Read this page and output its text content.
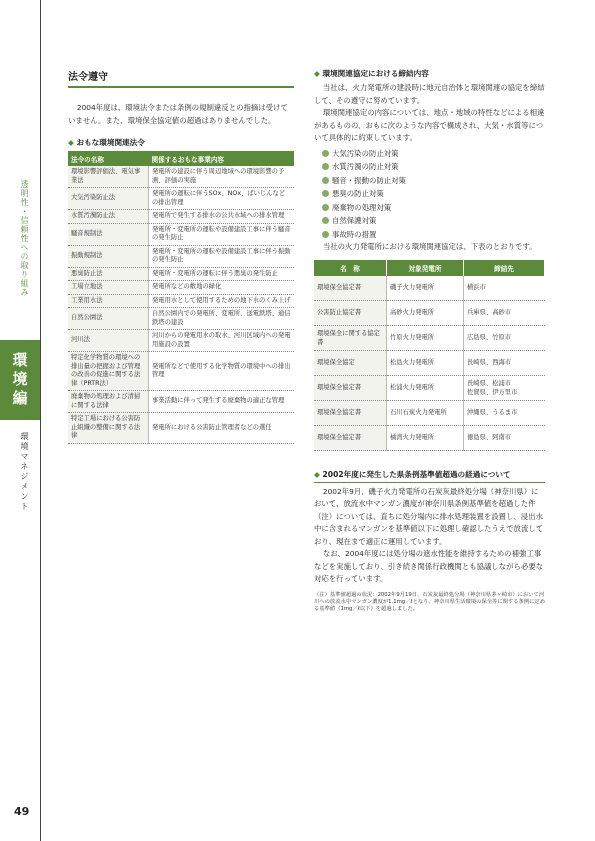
透明性・信頼性への取り組み
環境編
環境マネジメント
49
法令遵守

2004年度は、環境法令または条例の規制違反との指摘は受けていません。また、環境保全協定値の超過はありませんでした。

◆ おもな環境関連法令
法令の名称	関係するおもな事業内容
環境影響評価法、電気事業法	発電所の建設に伴う周辺地域への環境影響の予測、評価の実施
大気汚染防止法	発電所の運転に伴うSOx、NOx、ばいじんなどの排出管理
水質汚濁防止法	発電所で発生する排水の公共水域への排水管理
騒音規制法	発電所・変電所の運転や設備建設工事に伴う騒音の発生防止
振動規制法	発電所・変電所の運転や設備建設工事に伴う振動の発生防止
悪臭防止法	発電所・変電所の運転に伴う悪臭の発生防止
工場立地法	発電所などの敷地の緑化
工業用水法	発電用水として使用するための地下水のくみ上げ
自然公園法	自然公園内での発電所、変電所、送電鉄塔、通信鉄塔の建設
河川法	河川からの発電用水の取水、河川区域内への発電用施設の設置
特定化学物質の環境への排出量の把握および管理の改善の促進に関する法律（PRTR法）	発電所などで使用する化学物質の環境中への排出管理
廃棄物の処理および清掃に関する法律	事業活動に伴って発生する廃棄物の適正な管理
特定工場における公害防止組織の整備に関する法律	発電所における公害防止管理者などの選任
◆ 環境関連協定における締結内容

当社は、火力発電所の建設時に地元自治体と環境関連の協定を締結して、その遵守に努めています。

環境関連協定の内容については、地点・地域の特性などによる相違があるものの、おもに次のような内容で構成され、大気・水質等について具体的に約束しています。

大気汚染の防止対策
水質汚濁の防止対策
騒音・振動の防止対策
悪臭の防止対策
廃棄物の処理対策
自然保護対策
事故時の措置

当社の火力発電所における環境関連協定は、下表のとおりです。

名　称	対象発電所	締結先
環境保全協定書	磯子火力発電所	横浜市
公害防止協定書	高砂火力発電所	兵庫県、高砂市
環境保全に関する協定書	竹原火力発電所	広島県、竹原市
環境保全協定	松島火力発電所	長崎県、西海市
環境保全協定書	松浦火力発電所	長崎県、松浦市
佐賀県、伊万里市
環境保全協定書	石川石炭火力発電所	沖縄県、うるま市
環境保全協定書	橘湾火力発電所	徳島県、阿南市
◆ 2002年度に発生した県条例基準値超過の経過について

2002年9月、磯子火力発電所の石炭灰最終処分場（神奈川県）において、放流水中マンガン濃度が神奈川県条例基準値を超過した件（注）については、直ちに処分場内に排水処理装置を設置し、浸出水中に含まれるマンガンを基準値以下に処理し確認したうえで放流しており、現在まで適正に運用しています。

なお、2004年度には処分場の遮水性能を維持するための補強工事などを実施しており、引き続き関係行政機関とも協議しながら必要な対応を行っています。

（注）基準値超過の状況：2002年9月19日、石炭灰最終処分場（神奈川県茅ヶ崎市）において河川への放流水中マンガン濃度が1.1mg／ℓとなり、神奈川県生活環境の保全等に関する条例に定める基準値（1mg／ℓ以下）を超過しました。
